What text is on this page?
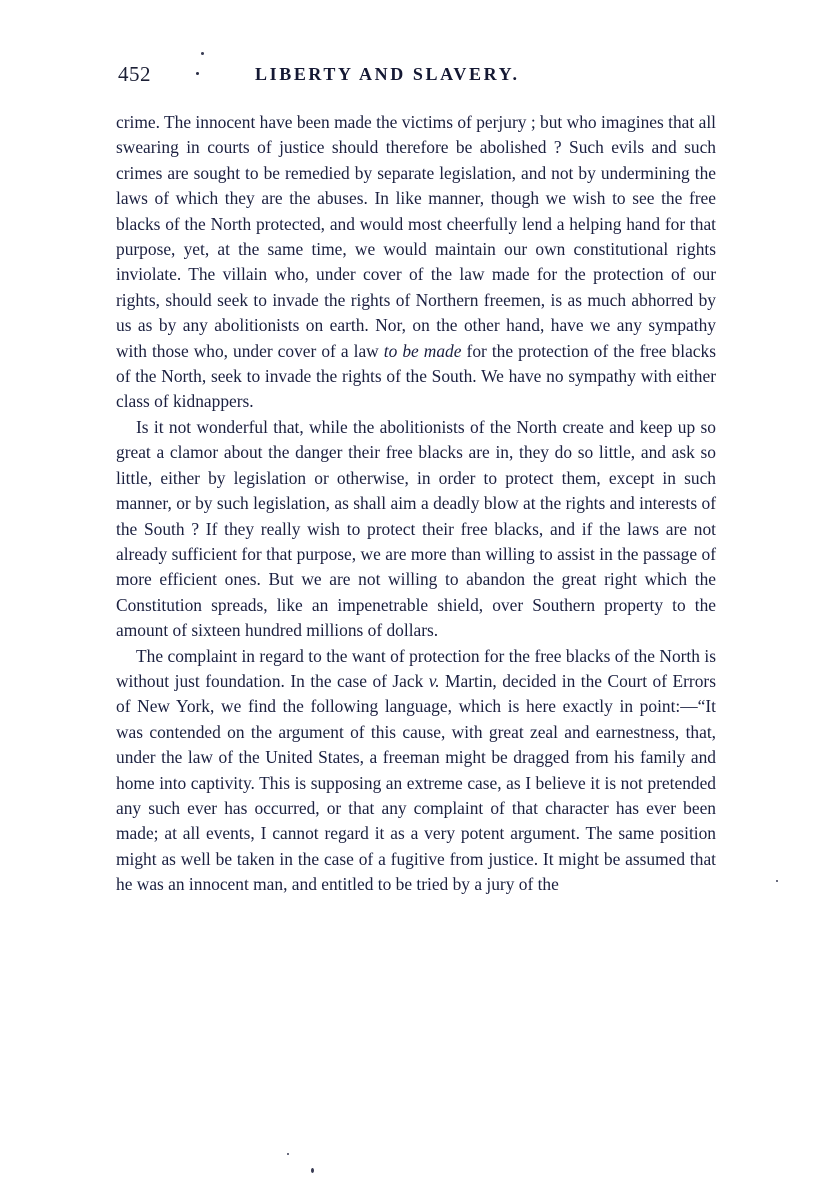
452	LIBERTY AND SLAVERY.

crime. The innocent have been made the victims of perjury ; but who imagines that all swearing in courts of justice should therefore be abolished ? Such evils and such crimes are sought to be remedied by separate legislation, and not by undermining the laws of which they are the abuses. In like manner, though we wish to see the free blacks of the North protected, and would most cheerfully lend a helping hand for that purpose, yet, at the same time, we would maintain our own constitutional rights inviolate. The villain who, under cover of the law made for the protection of our rights, should seek to invade the rights of Northern freemen, is as much abhorred by us as by any abolitionists on earth. Nor, on the other hand, have we any sympathy with those who, under cover of a law to be made for the protection of the free blacks of the North, seek to invade the rights of the South. We have no sympathy with either class of kidnappers.

Is it not wonderful that, while the abolitionists of the North create and keep up so great a clamor about the danger their free blacks are in, they do so little, and ask so little, either by legislation or otherwise, in order to protect them, except in such manner, or by such legislation, as shall aim a deadly blow at the rights and interests of the South ? If they really wish to protect their free blacks, and if the laws are not already sufficient for that purpose, we are more than willing to assist in the passage of more efficient ones. But we are not willing to abandon the great right which the Constitution spreads, like an impenetrable shield, over Southern property to the amount of sixteen hundred millions of dollars.

The complaint in regard to the want of protection for the free blacks of the North is without just foundation. In the case of Jack v. Martin, decided in the Court of Errors of New York, we find the following language, which is here exactly in point:—“It was contended on the argument of this cause, with great zeal and earnestness, that, under the law of the United States, a freeman might be dragged from his family and home into captivity. This is supposing an extreme case, as I believe it is not pretended any such ever has occurred, or that any complaint of that character has ever been made; at all events, I cannot regard it as a very potent argument. The same position might as well be taken in the case of a fugitive from justice. It might be assumed that he was an innocent man, and entitled to be tried by a jury of the
